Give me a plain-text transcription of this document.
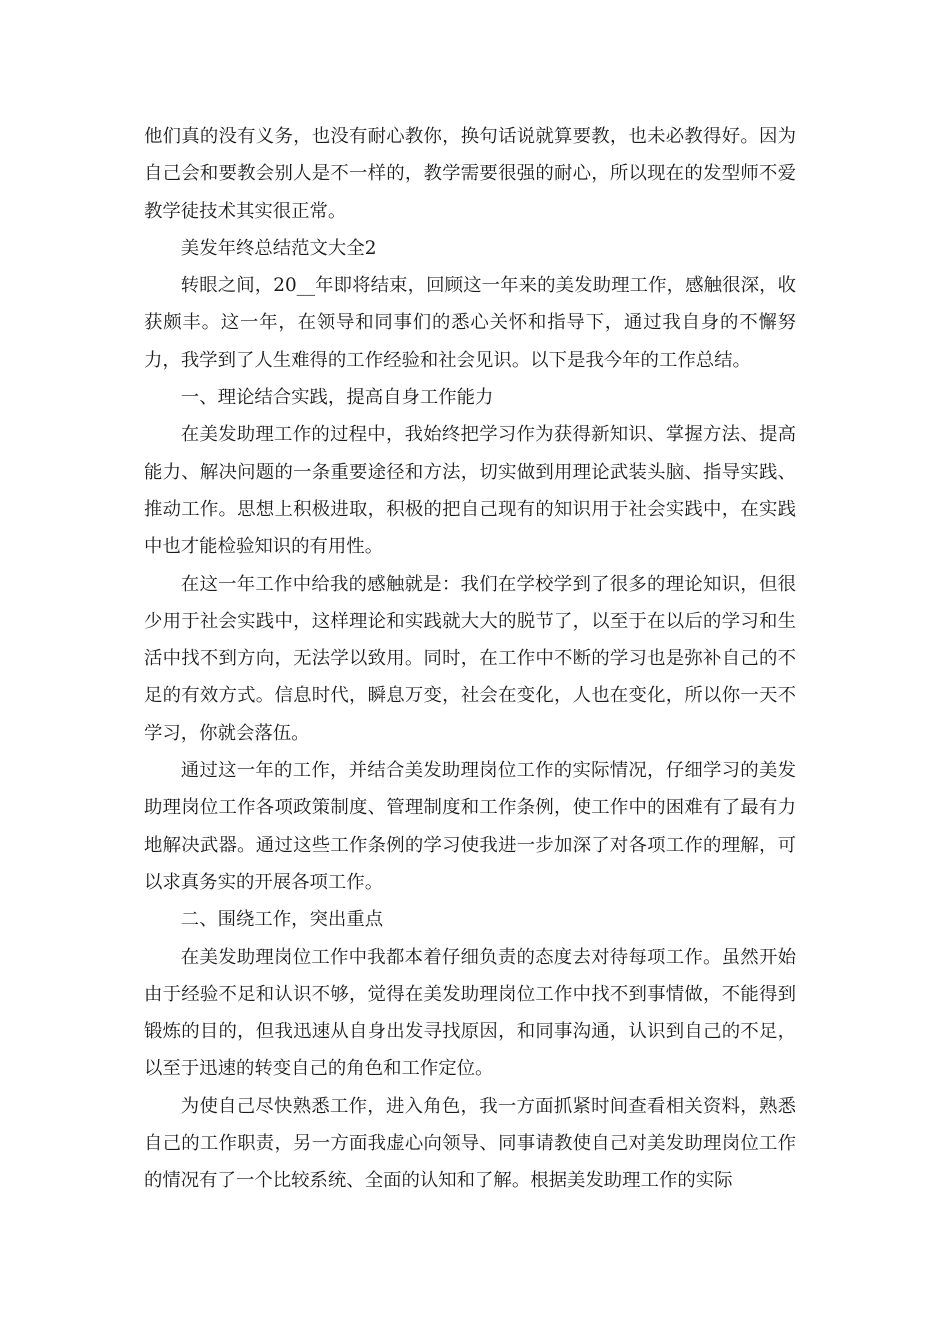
他们真的没有义务，也没有耐心教你，换句话说就算要教，也未必教得好。因为自己会和要教会别人是不一样的，教学需要很强的耐心，所以现在的发型师不爱教学徒技术其实很正常。

美发年终总结范文大全2

转眼之间，20__年即将结束，回顾这一年来的美发助理工作，感触很深，收获颇丰。这一年，在领导和同事们的悉心关怀和指导下，通过我自身的不懈努力，我学到了人生难得的工作经验和社会见识。以下是我今年的工作总结。

一、理论结合实践，提高自身工作能力

在美发助理工作的过程中，我始终把学习作为获得新知识、掌握方法、提高能力、解决问题的一条重要途径和方法，切实做到用理论武装头脑、指导实践、推动工作。思想上积极进取，积极的把自己现有的知识用于社会实践中，在实践中也才能检验知识的有用性。

在这一年工作中给我的感触就是：我们在学校学到了很多的理论知识，但很少用于社会实践中，这样理论和实践就大大的脱节了，以至于在以后的学习和生活中找不到方向，无法学以致用。同时，在工作中不断的学习也是弥补自己的不足的有效方式。信息时代，瞬息万变，社会在变化，人也在变化，所以你一天不学习，你就会落伍。

通过这一年的工作，并结合美发助理岗位工作的实际情况，仔细学习的美发助理岗位工作各项政策制度、管理制度和工作条例，使工作中的困难有了最有力地解决武器。通过这些工作条例的学习使我进一步加深了对各项工作的理解，可以求真务实的开展各项工作。

二、围绕工作，突出重点

在美发助理岗位工作中我都本着仔细负责的态度去对待每项工作。虽然开始由于经验不足和认识不够，觉得在美发助理岗位工作中找不到事情做，不能得到锻炼的目的，但我迅速从自身出发寻找原因，和同事沟通，认识到自己的不足，以至于迅速的转变自己的角色和工作定位。

为使自己尽快熟悉工作，进入角色，我一方面抓紧时间查看相关资料，熟悉自己的工作职责，另一方面我虚心向领导、同事请教使自己对美发助理岗位工作的情况有了一个比较系统、全面的认知和了解。根据美发助理工作的实际
